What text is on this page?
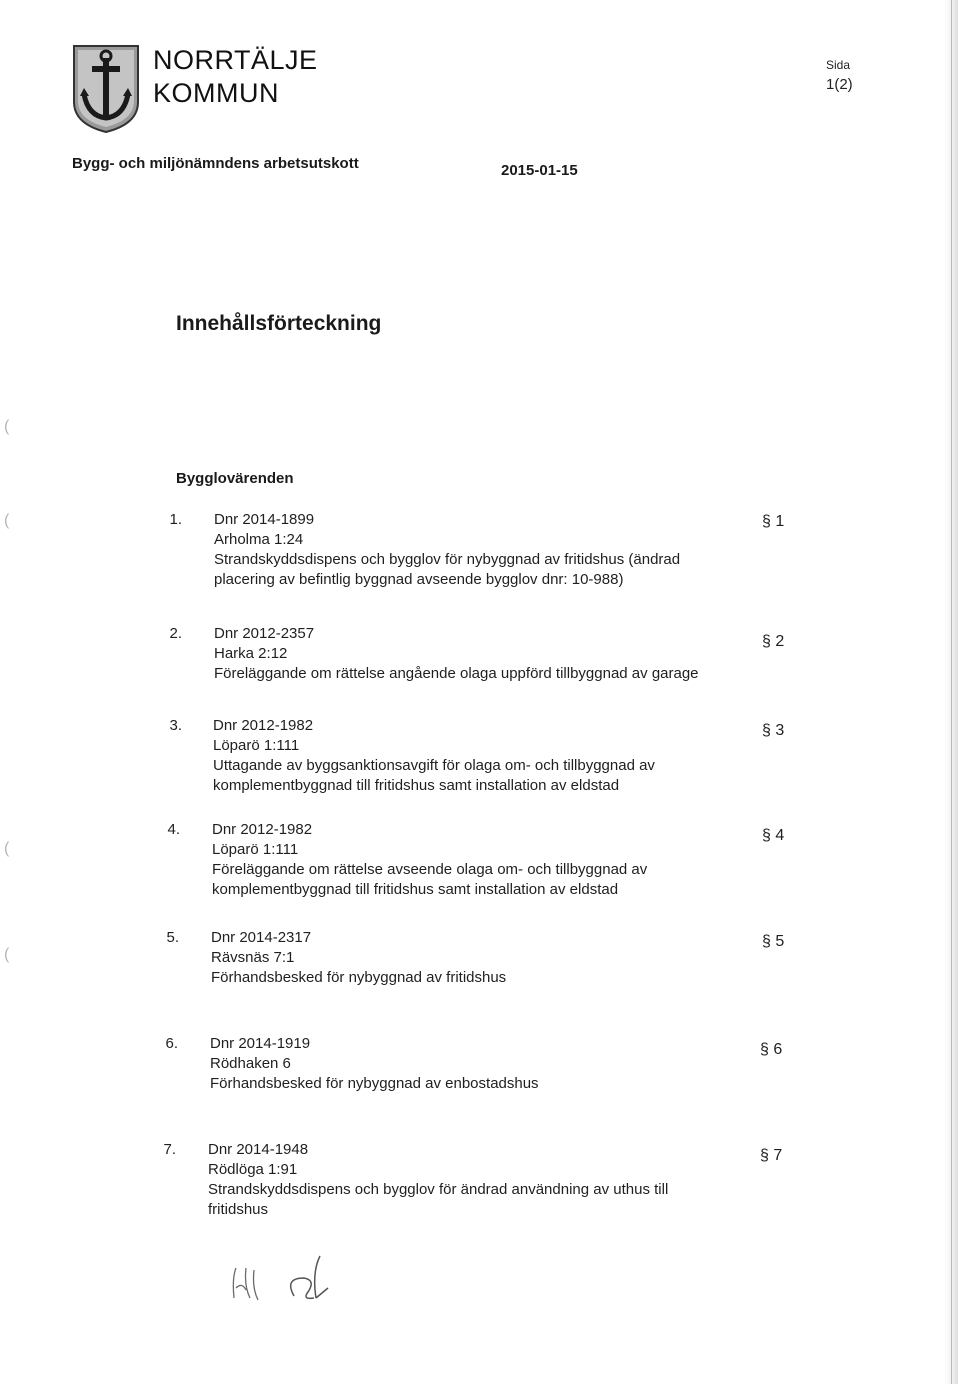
NORRTÄLJE
KOMMUN
Sida
1(2)
Bygg- och miljönämndens arbetsutskott	2015-01-15
Innehållsförteckning
Bygglovärenden
1. Dnr 2014-1899
Arholma 1:24
Strandskyddsdispens och bygglov för nybyggnad av fritidshus (ändrad
placering av befintlig byggnad avseende bygglov dnr: 10-988)
§ 1
2. Dnr 2012-2357
Harka 2:12
Föreläggande om rättelse angående olaga uppförd tillbyggnad av garage
§ 2
3. Dnr 2012-1982
Löparö 1:111
Uttagande av byggsanktionsavgift för olaga om- och tillbyggnad av
komplementbyggnad till fritidshus samt installation av eldstad
§ 3
4. Dnr 2012-1982
Löparö 1:111
Föreläggande om rättelse avseende olaga om- och tillbyggnad av
komplementbyggnad till fritidshus samt installation av eldstad
§ 4
5. Dnr 2014-2317
Rävsnäs 7:1
Förhandsbesked för nybyggnad av fritidshus
§ 5
6. Dnr 2014-1919
Rödhaken 6
Förhandsbesked för nybyggnad av enbostadshus
§ 6
7. Dnr 2014-1948
Rödlöga 1:91
Strandskyddsdispens och bygglov för ändrad användning av uthus till
fritidshus
§ 7
(
(
(
(
